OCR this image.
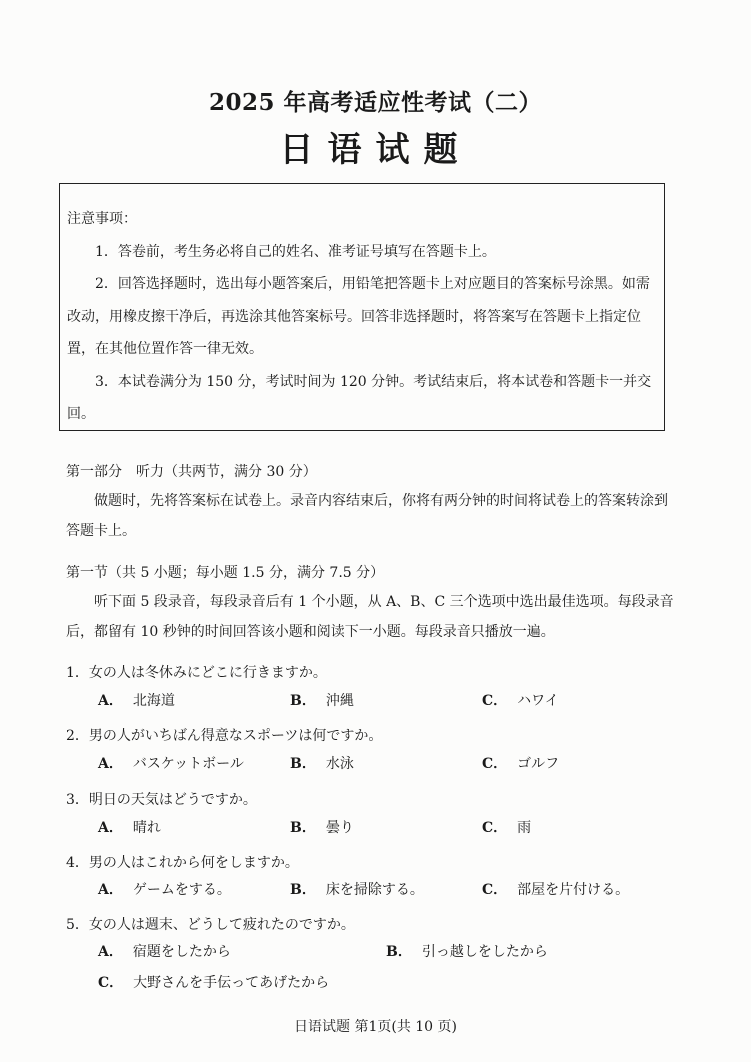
2025 年高考适应性考试（二）
日语试题

注意事项：

1．答卷前，考生务必将自己的姓名、准考证号填写在答题卡上。

2．回答选择题时，选出每小题答案后，用铅笔把答题卡上对应题目的答案标号涂黑。如需改动，用橡皮擦干净后，再选涂其他答案标号。回答非选择题时，将答案写在答题卡上指定位置，在其他位置作答一律无效。

3．本试卷满分为 150 分，考试时间为 120 分钟。考试结束后，将本试卷和答题卡一并交回。

第一部分　听力（共两节，满分 30 分）
做题时，先将答案标在试卷上。录音内容结束后，你将有两分钟的时间将试卷上的答案转涂到答题卡上。
第一节（共 5 小题；每小题 1.5 分，满分 7.5 分）
听下面 5 段录音，每段录音后有 1 个小题，从 A、B、C 三个选项中选出最佳选项。每段录音后，都留有 10 秒钟的时间回答该小题和阅读下一小题。每段录音只播放一遍。
1．女の人は冬休みにどこに行きますか。
A． 北海道	B． 沖縄	C． ハワイ
2．男の人がいちばん得意なスポーツは何ですか。
A． バスケットボール	B． 水泳	C． ゴルフ
3．明日の天気はどうですか。
A． 晴れ	B． 曇り	C． 雨
4．男の人はこれから何をしますか。
A． ゲームをする。	B． 床を掃除する。	C． 部屋を片付ける。
5．女の人は週末、どうして疲れたのですか。
A． 宿題をしたから	B． 引っ越しをしたから
C． 大野さんを手伝ってあげたから
日语试题 第1页(共 10 页)
